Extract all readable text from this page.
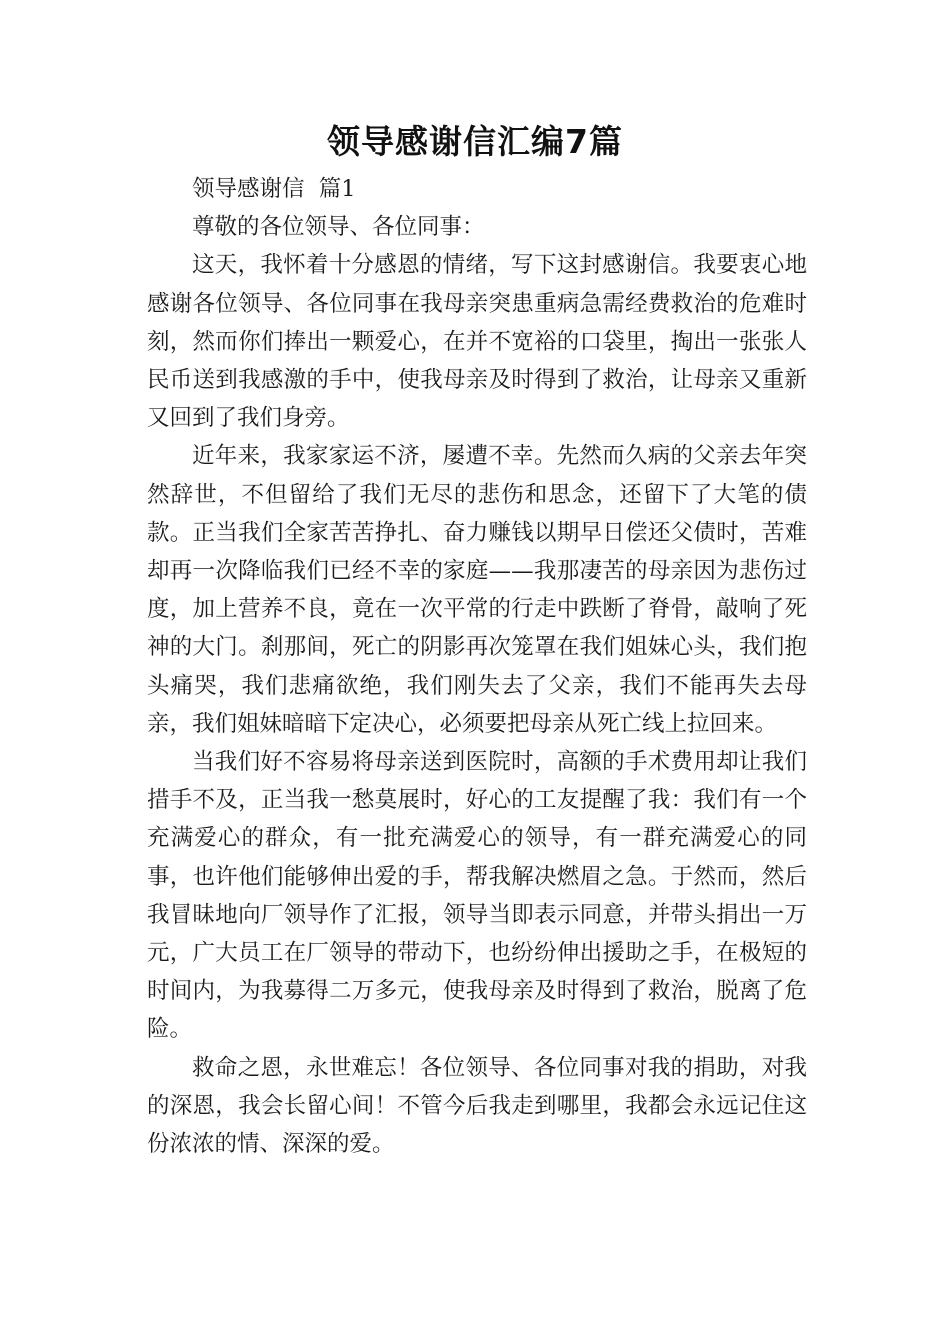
领导感谢信汇编7篇

领导感谢信  篇1

尊敬的各位领导、各位同事：

这天，我怀着十分感恩的情绪，写下这封感谢信。我要衷心地感谢各位领导、各位同事在我母亲突患重病急需经费救治的危难时刻，然而你们捧出一颗爱心，在并不宽裕的口袋里，掏出一张张人民币送到我感激的手中，使我母亲及时得到了救治，让母亲又重新又回到了我们身旁。

近年来，我家家运不济，屡遭不幸。先然而久病的父亲去年突然辞世，不但留给了我们无尽的悲伤和思念，还留下了大笔的债款。正当我们全家苦苦挣扎、奋力赚钱以期早日偿还父债时，苦难却再一次降临我们已经不幸的家庭——我那凄苦的母亲因为悲伤过度，加上营养不良，竟在一次平常的行走中跌断了脊骨，敲响了死神的大门。刹那间，死亡的阴影再次笼罩在我们姐妹心头，我们抱头痛哭，我们悲痛欲绝，我们刚失去了父亲，我们不能再失去母亲，我们姐妹暗暗下定决心，必须要把母亲从死亡线上拉回来。

当我们好不容易将母亲送到医院时，高额的手术费用却让我们措手不及，正当我一愁莫展时，好心的工友提醒了我：我们有一个充满爱心的群众，有一批充满爱心的领导，有一群充满爱心的同事，也许他们能够伸出爱的手，帮我解决燃眉之急。于然而，然后我冒昧地向厂领导作了汇报，领导当即表示同意，并带头捐出一万元，广大员工在厂领导的带动下，也纷纷伸出援助之手，在极短的时间内，为我募得二万多元，使我母亲及时得到了救治，脱离了危险。

救命之恩，永世难忘！各位领导、各位同事对我的捐助，对我的深恩，我会长留心间！不管今后我走到哪里，我都会永远记住这份浓浓的情、深深的爱。
